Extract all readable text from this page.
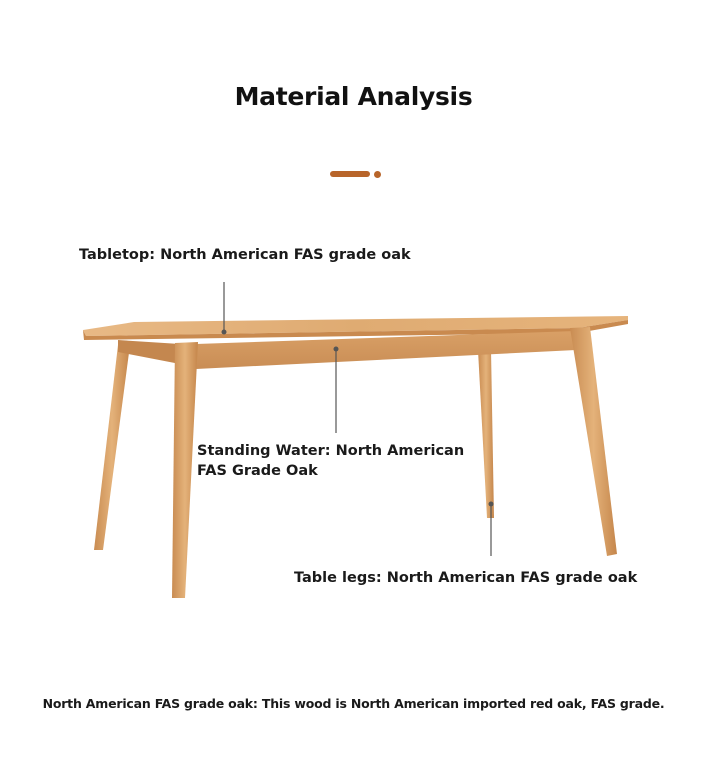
Material Analysis
Tabletop: North American FAS grade oak
Standing Water: North American
FAS Grade Oak
Table legs: North American FAS grade oak
North American FAS grade oak: This wood is North American imported red oak, FAS grade.
